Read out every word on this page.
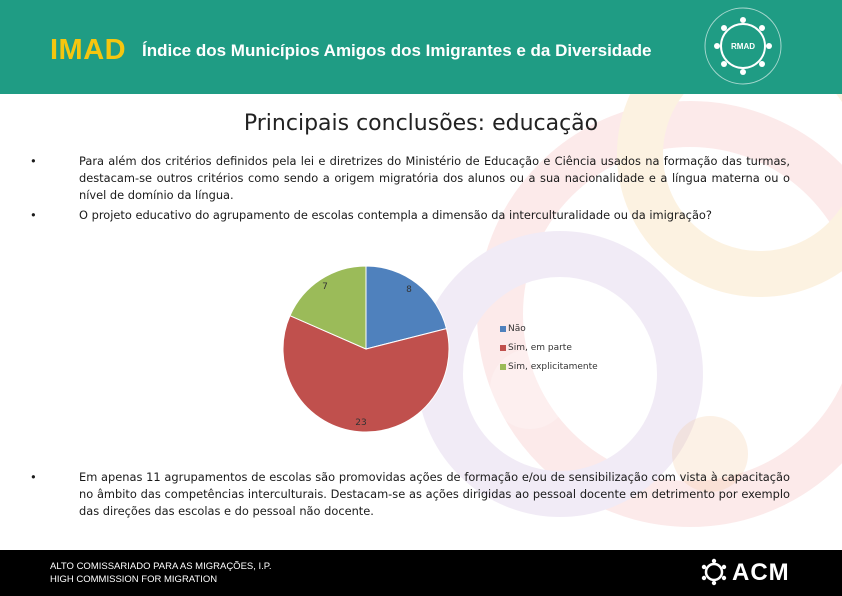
IMAD Índice dos Municípios Amigos dos Imigrantes e da Diversidade	RMAD
Principais conclusões: educação
•	Para além dos critérios definidos pela lei e diretrizes do Ministério de Educação e Ciência usados na formação das turmas, destacam-se outros critérios como sendo a origem migratória dos alunos ou a sua nacionalidade e a língua materna ou o nível de domínio da língua.
•	O projeto educativo do agrupamento de escolas contempla a dimensão da interculturalidade ou da imigração?
8
23
7
Não
Sim, em parte
Sim, explicitamente
•	Em apenas 11 agrupamentos de escolas são promovidas ações de formação e/ou de sensibilização com vista à capacitação no âmbito das competências interculturais. Destacam-se as ações dirigidas ao pessoal docente em detrimento por exemplo das direções das escolas e do pessoal não docente.
ALTO COMISSARIADO PARA AS MIGRAÇÕES, I.P.
HIGH COMMISSION FOR MIGRATION	ACM
